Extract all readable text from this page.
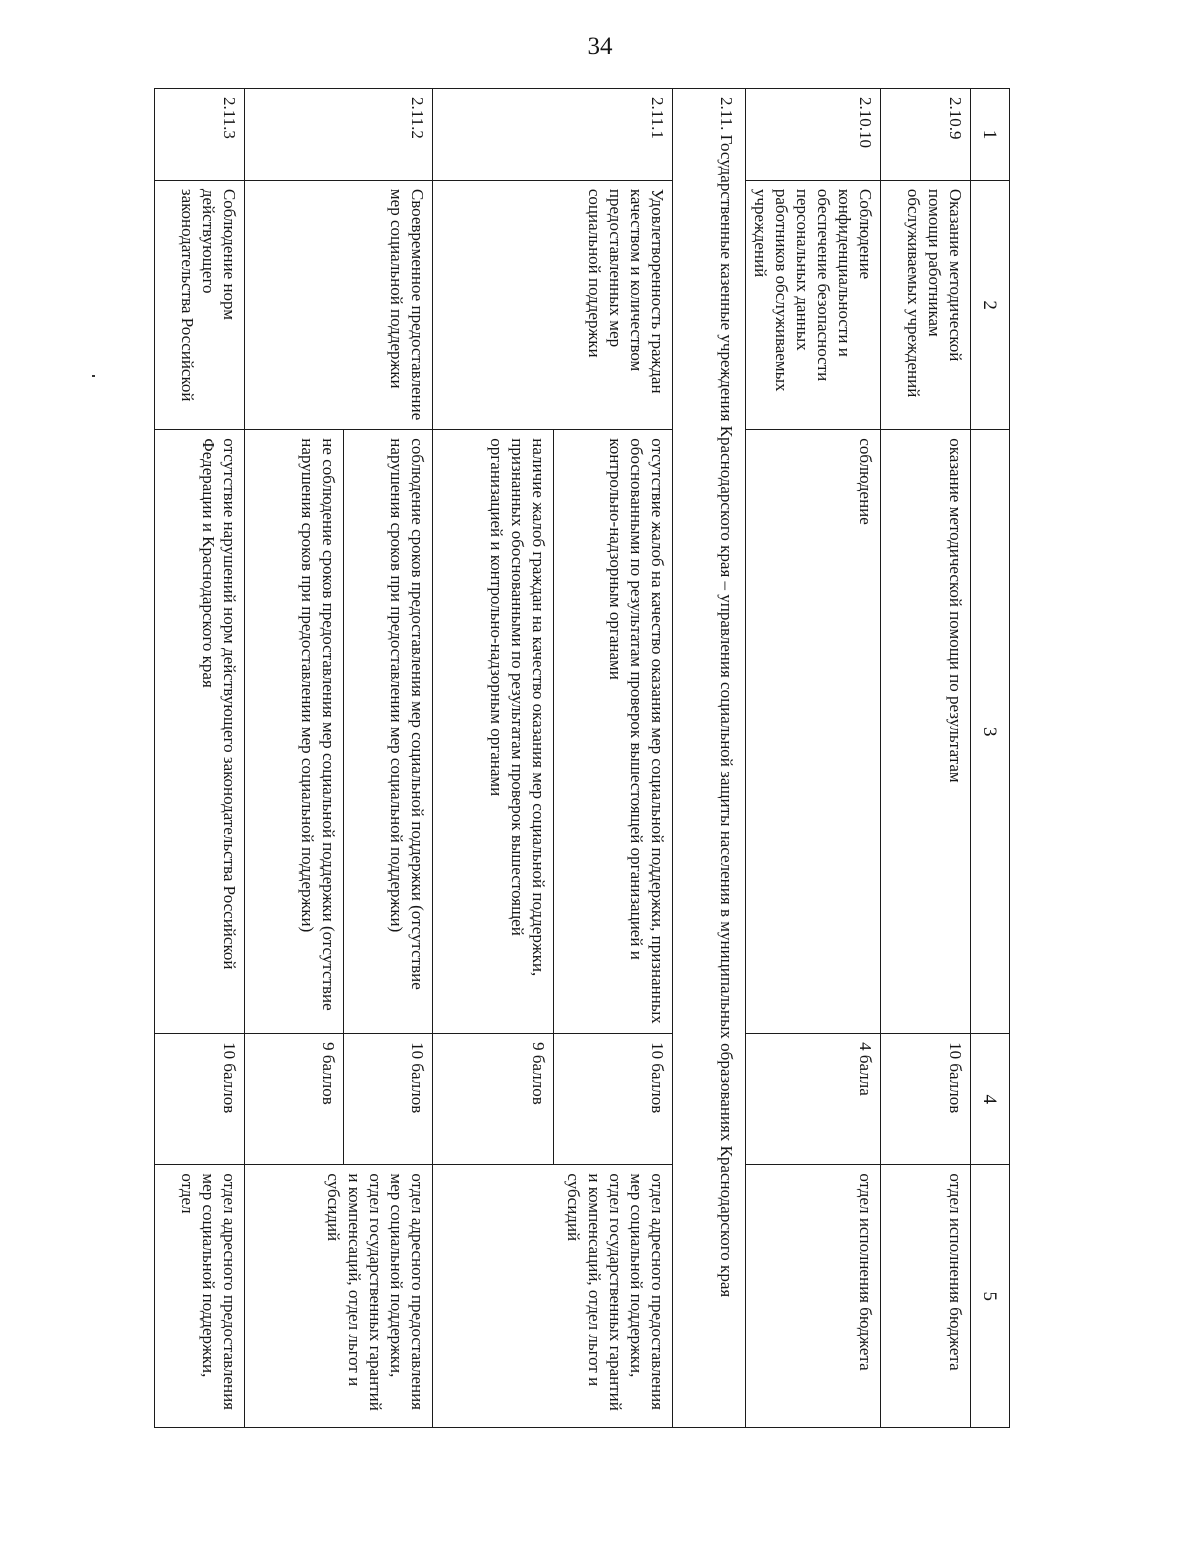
34
1	2	3	4	5
2.10.9	Оказание методической помощи работникам обслуживаемых учреждений	оказание методической помощи по результатам	10 баллов	отдел исполнения бюджета
2.10.10	Соблюдение конфиденциальности и обеспечение безопасности персональных данных работников обслуживаемых учреждений	соблюдение	4 балла	отдел исполнения бюджета
2.11. Государственные казенные учреждения Краснодарского края – управления социальной защиты населения в муниципальных образованиях Краснодарского края				
2.11.1	Удовлетворенность граждан качеством и количеством предоставленных мер социальной поддержки	отсутствие жалоб на качество оказания мер социальной поддержки, признанных обоснованными по результатам проверок вышестоящей организацией и контрольно-надзорным органами	10 баллов	отдел адресного предоставления мер социальной поддержки, отдел государственных гарантий и компенсаций, отдел льгот и субсидий
		наличие жалоб граждан на качество оказания мер социальной поддержки, признанных обоснованными по результатам проверок вышестоящей организацией и контрольно-надзорным органами	9 баллов	
2.11.2	Своевременное предоставление мер социальной поддержки	соблюдение сроков предоставления мер социальной поддержки (отсутствие нарушения сроков при предоставлении мер социальной поддержки)	10 баллов	отдел адресного предоставления мер социальной поддержки, отдел государственных гарантий и компенсаций, отдел льгот и субсидий
		не соблюдение сроков предоставления мер социальной поддержки (отсутствие нарушения сроков при предоставлении мер социальной поддержки)	9 баллов	
2.11.3	Соблюдение норм действующего законодательства Российской	отсутствие нарушений норм действующего законодательства Российской Федерации и Краснодарского края	10 баллов	отдел адресного предоставления мер социальной поддержки, отдел
